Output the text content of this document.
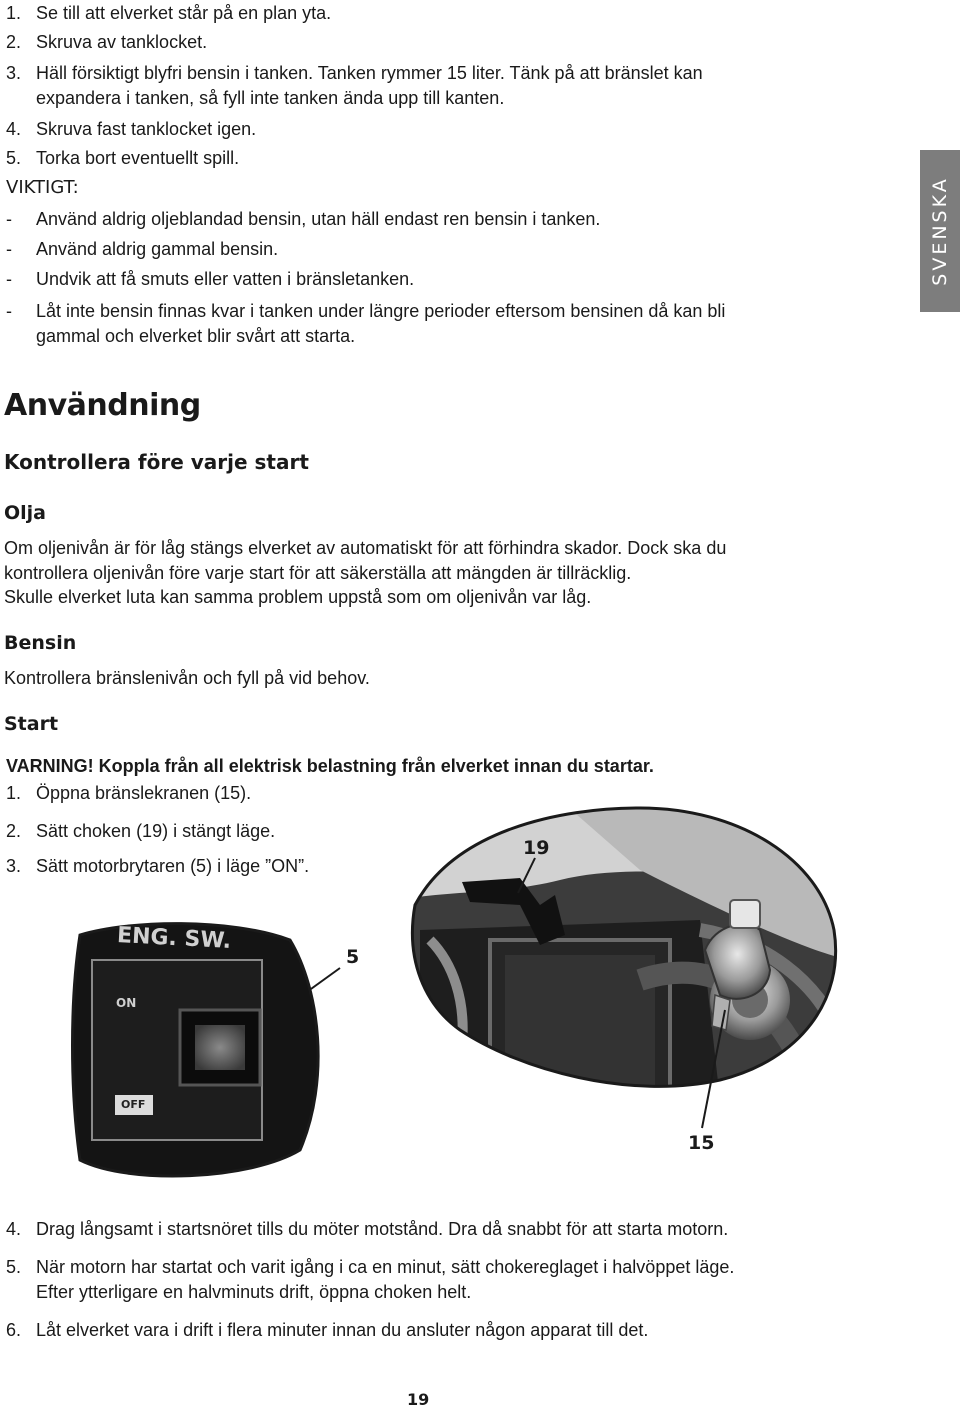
1. Se till att elverket står på en plan yta.
2. Skruva av tanklocket.
3. Häll försiktigt blyfri bensin i tanken. Tanken rymmer 15 liter. Tänk på att bränslet kan
expandera i tanken, så fyll inte tanken ända upp till kanten.
4. Skruva fast tanklocket igen.
5. Torka bort eventuellt spill.
VIKTIGT:
- Använd aldrig oljeblandad bensin, utan häll endast ren bensin i tanken.
- Använd aldrig gammal bensin.
- Undvik att få smuts eller vatten i bränsletanken.
- Låt inte bensin finnas kvar i tanken under längre perioder eftersom bensinen då kan bli
gammal och elverket blir svårt att starta.
SVENSKA
Användning
Kontrollera före varje start
Olja
Om oljenivån är för låg stängs elverket av automatiskt för att förhindra skador. Dock ska du
kontrollera oljenivån före varje start för att säkerställa att mängden är tillräcklig.
Skulle elverket luta kan samma problem uppstå som om oljenivån var låg.
Bensin
Kontrollera bränslenivån och fyll på vid behov.
Start
VARNING! Koppla från all elektrisk belastning från elverket innan du startar.
1. Öppna bränslekranen (15).
2. Sätt choken (19) i stängt läge.
3. Sätt motorbrytaren (5) i läge ”ON”.
ENG. SW.
ON
OFF
19
5
15
4. Drag långsamt i startsnöret tills du möter motstånd. Dra då snabbt för att starta motorn.
5. När motorn har startat och varit igång i ca en minut, sätt chokereglaget i halvöppet läge.
Efter ytterligare en halvminuts drift, öppna choken helt.
6. Låt elverket vara i drift i flera minuter innan du ansluter någon apparat till det.
19
